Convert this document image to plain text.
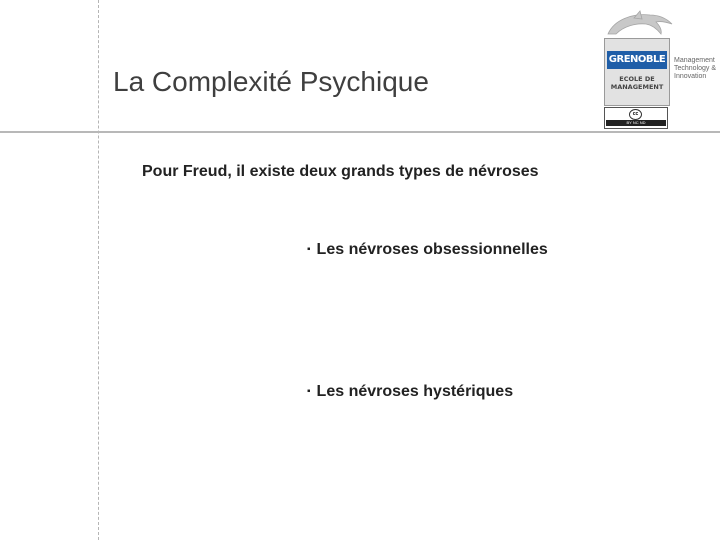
La Complexité Psychique
Pour Freud, il existe deux grands types de névroses
▪ Les névroses obsessionnelles
▪ Les névroses hystériques
GRENOBLE
ECOLE DE
MANAGEMENT
Management
Technology &
Innovation
cc
BY NC ND
